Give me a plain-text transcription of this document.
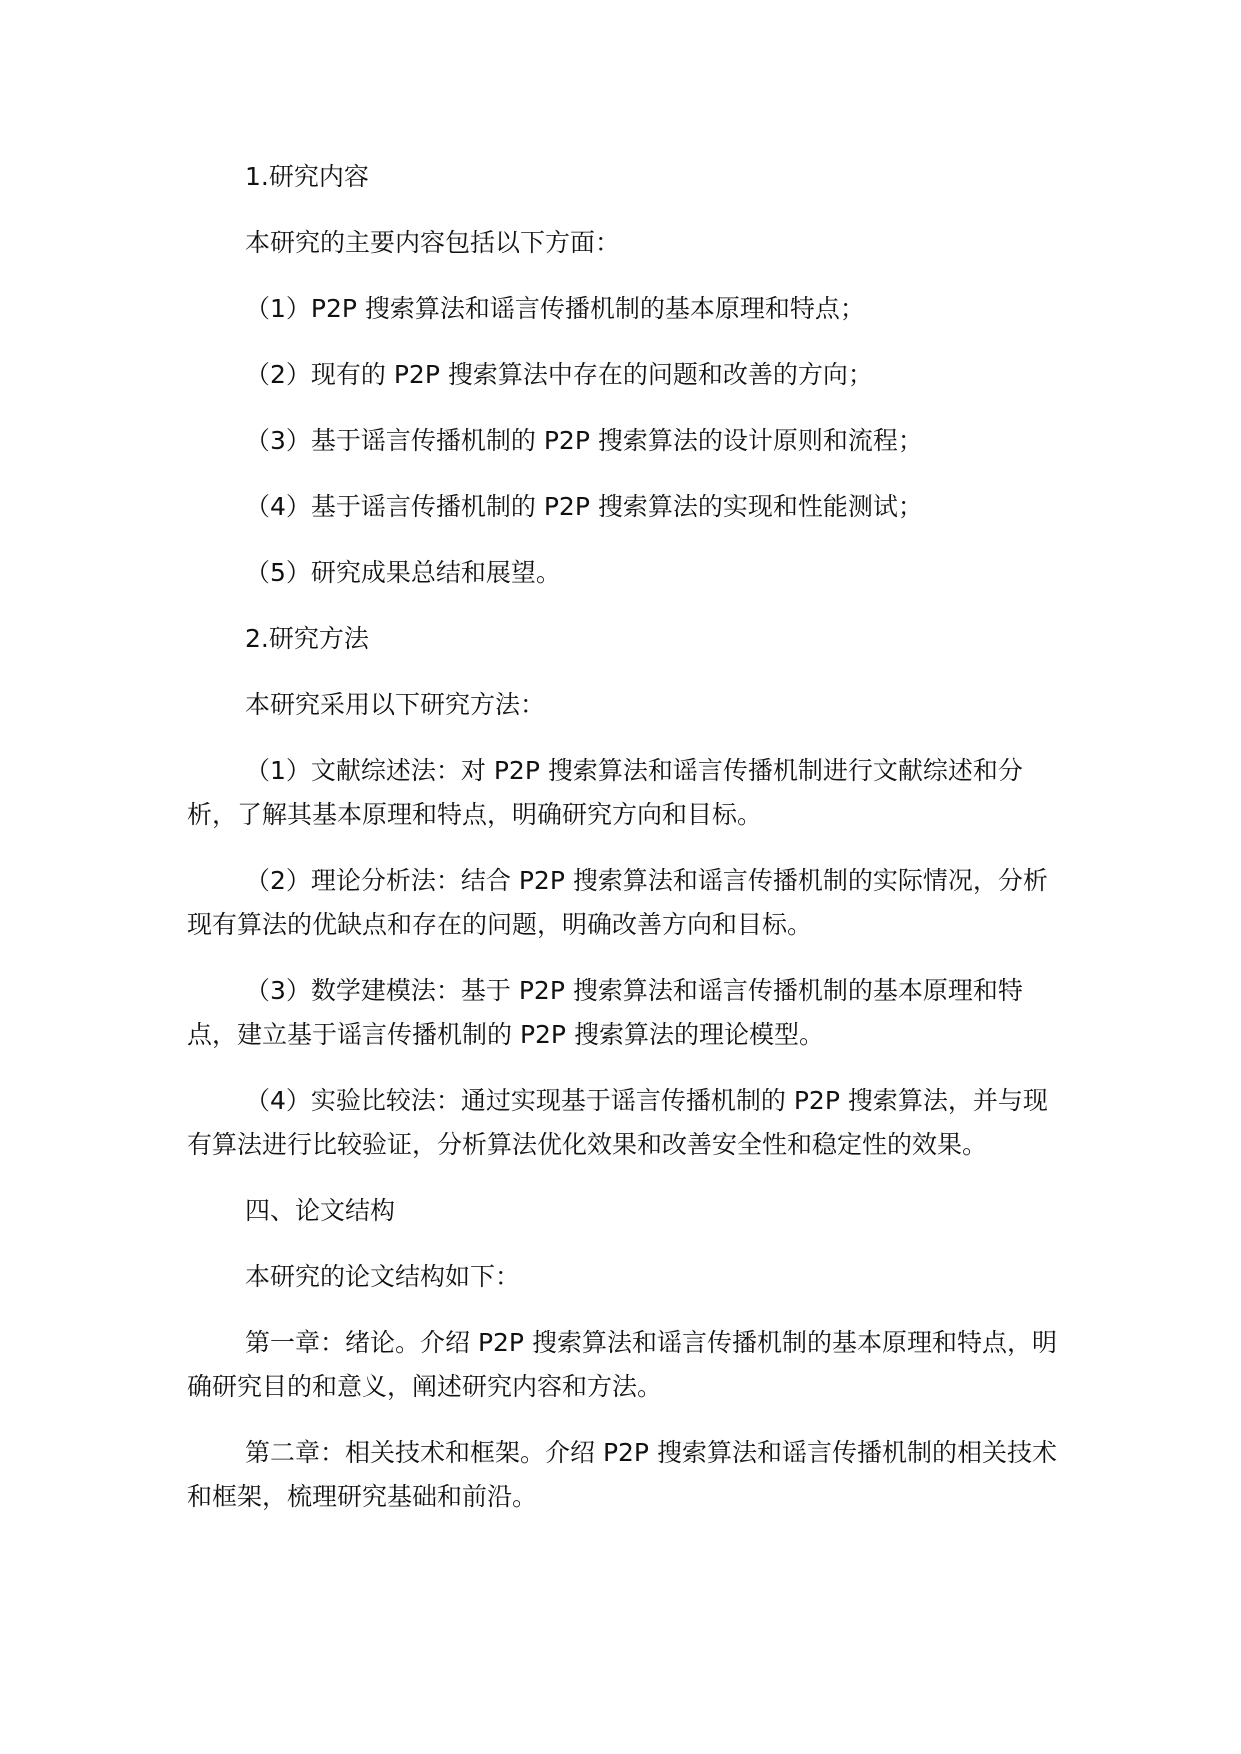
1.研究内容

本研究的主要内容包括以下方面：

（1）P2P 搜索算法和谣言传播机制的基本原理和特点；

（2）现有的 P2P 搜索算法中存在的问题和改善的方向；

（3）基于谣言传播机制的 P2P 搜索算法的设计原则和流程；

（4）基于谣言传播机制的 P2P 搜索算法的实现和性能测试；

（5）研究成果总结和展望。

2.研究方法

本研究采用以下研究方法：

（1）文献综述法：对 P2P 搜索算法和谣言传播机制进行文献综述和分析，了解其基本原理和特点，明确研究方向和目标。

（2）理论分析法：结合 P2P 搜索算法和谣言传播机制的实际情况，分析现有算法的优缺点和存在的问题，明确改善方向和目标。

（3）数学建模法：基于 P2P 搜索算法和谣言传播机制的基本原理和特点，建立基于谣言传播机制的 P2P 搜索算法的理论模型。

（4）实验比较法：通过实现基于谣言传播机制的 P2P 搜索算法，并与现有算法进行比较验证，分析算法优化效果和改善安全性和稳定性的效果。

四、论文结构

本研究的论文结构如下：

第一章：绪论。介绍 P2P 搜索算法和谣言传播机制的基本原理和特点，明确研究目的和意义，阐述研究内容和方法。

第二章：相关技术和框架。介绍 P2P 搜索算法和谣言传播机制的相关技术和框架，梳理研究基础和前沿。
